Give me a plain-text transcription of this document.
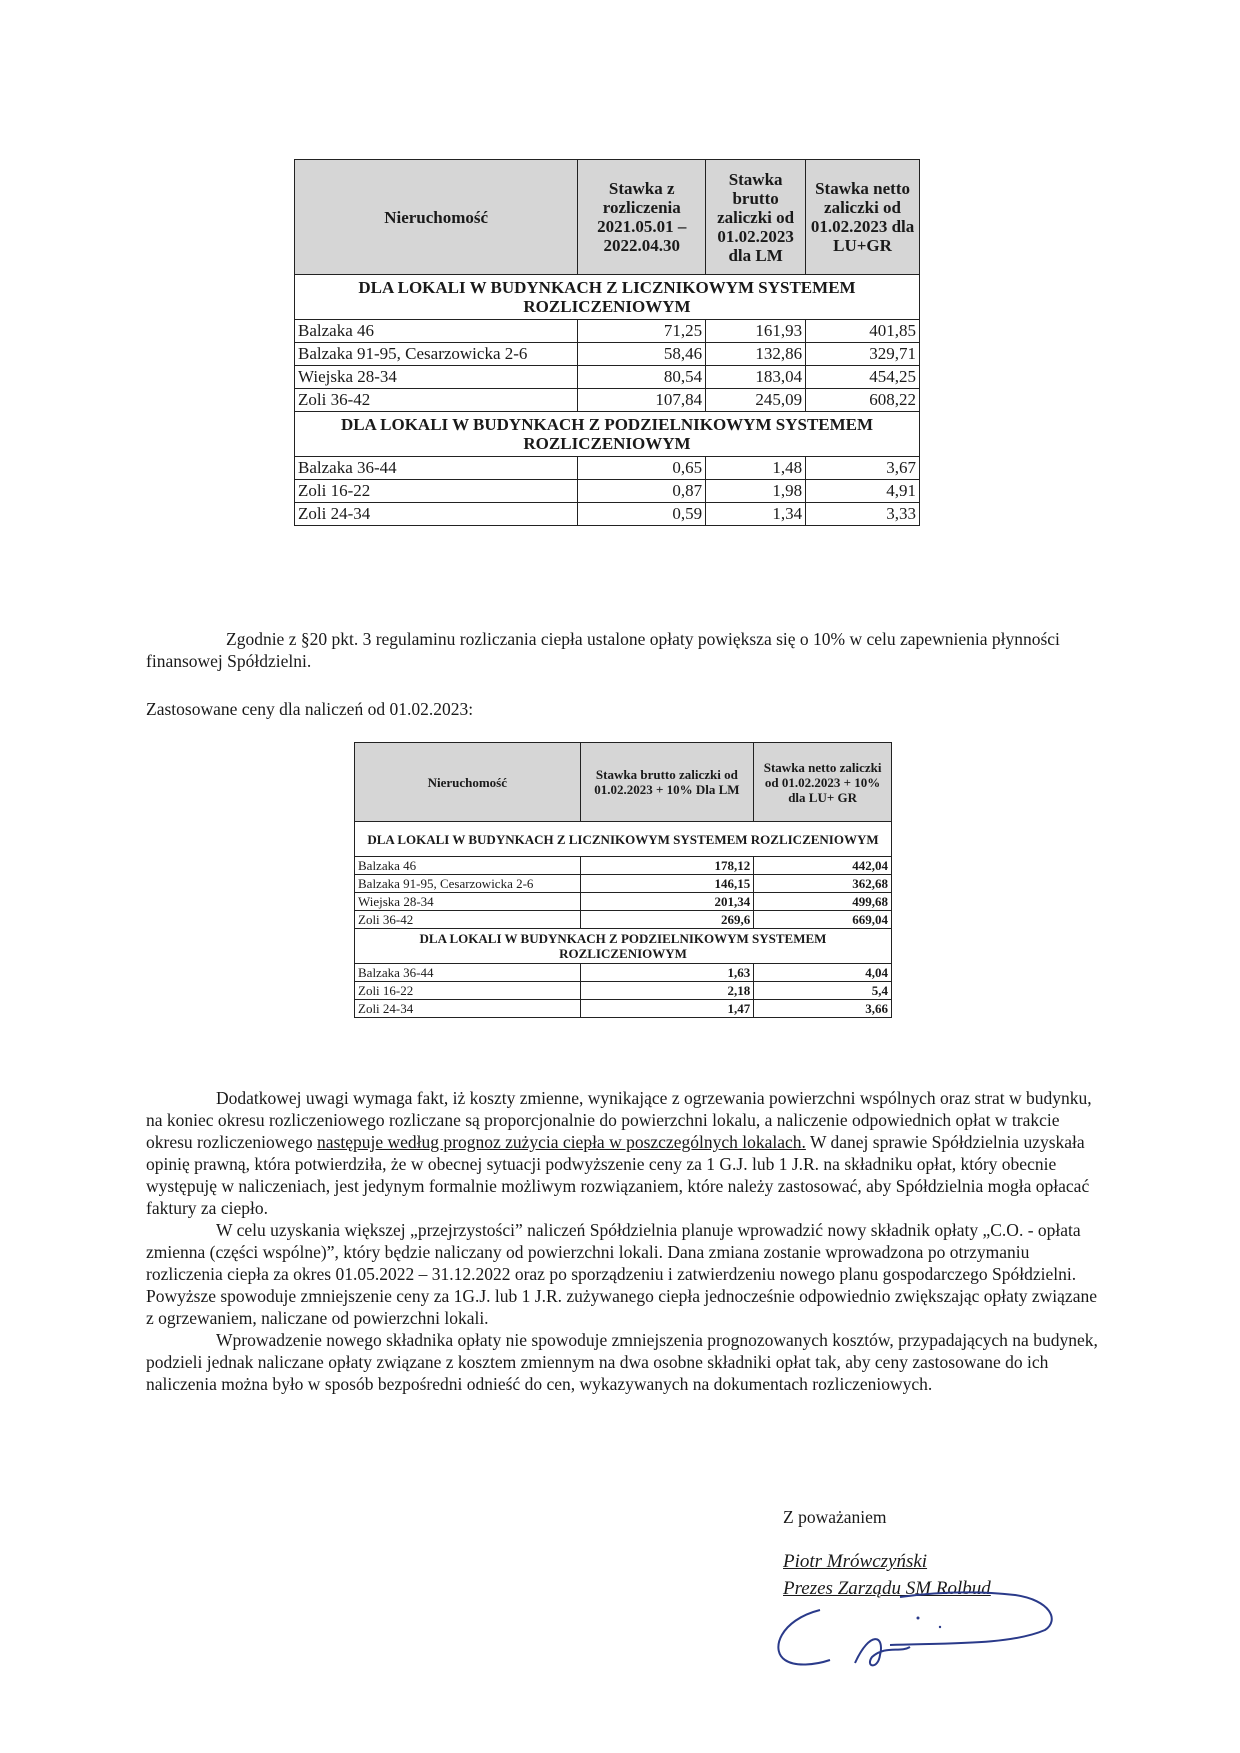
Nieruchomość	Stawka z rozliczenia 2021.05.01 – 2022.04.30	Stawka brutto zaliczki od 01.02.2023 dla LM	Stawka netto zaliczki od 01.02.2023 dla LU+GR
DLA LOKALI W BUDYNKACH Z LICZNIKOWYM SYSTEMEM ROZLICZENIOWYM			
Balzaka 46	71,25	161,93	401,85
Balzaka 91-95, Cesarzowicka 2-6	58,46	132,86	329,71
Wiejska 28-34	80,54	183,04	454,25
Zoli 36-42	107,84	245,09	608,22
DLA LOKALI W BUDYNKACH Z PODZIELNIKOWYM SYSTEMEM ROZLICZENIOWYM			
Balzaka 36-44	0,65	1,48	3,67
Zoli 16-22	0,87	1,98	4,91
Zoli 24-34	0,59	1,34	3,33

Zgodnie z §20 pkt. 3 regulaminu rozliczania ciepła ustalone opłaty powiększa się o 10% w celu zapewnienia płynności finansowej Spółdzielni.

Zastosowane ceny dla naliczeń od 01.02.2023:

Nieruchomość	Stawka brutto zaliczki od 01.02.2023 + 10% Dla LM	Stawka netto zaliczki od 01.02.2023 + 10% dla LU+ GR
DLA LOKALI W BUDYNKACH Z LICZNIKOWYM SYSTEMEM ROZLICZENIOWYM		
Balzaka 46	178,12	442,04
Balzaka 91-95, Cesarzowicka 2-6	146,15	362,68
Wiejska 28-34	201,34	499,68
Zoli 36-42	269,6	669,04
DLA LOKALI W BUDYNKACH Z PODZIELNIKOWYM SYSTEMEM ROZLICZENIOWYM		
Balzaka 36-44	1,63	4,04
Zoli 16-22	2,18	5,4
Zoli 24-34	1,47	3,66

Dodatkowej uwagi wymaga fakt, iż koszty zmienne, wynikające z ogrzewania powierzchni wspólnych oraz strat w budynku, na koniec okresu rozliczeniowego rozliczane są proporcjonalnie do powierzchni lokalu, a naliczenie odpowiednich opłat w trakcie okresu rozliczeniowego następuje według prognoz zużycia ciepła w poszczególnych lokalach. W danej sprawie Spółdzielnia uzyskała opinię prawną, która potwierdziła, że w obecnej sytuacji podwyższenie ceny za 1 G.J. lub 1 J.R. na składniku opłat, który obecnie występuję w naliczeniach, jest jedynym formalnie możliwym rozwiązaniem, które należy zastosować, aby Spółdzielnia mogła opłacać faktury za ciepło.

W celu uzyskania większej „przejrzystości” naliczeń Spółdzielnia planuje wprowadzić nowy składnik opłaty „C.O. - opłata zmienna (części wspólne)”, który będzie naliczany od powierzchni lokali. Dana zmiana zostanie wprowadzona po otrzymaniu rozliczenia ciepła za okres 01.05.2022 – 31.12.2022 oraz po sporządzeniu i zatwierdzeniu nowego planu gospodarczego Spółdzielni. Powyższe spowoduje zmniejszenie ceny za 1G.J. lub 1 J.R. zużywanego ciepła jednocześnie odpowiednio zwiększając opłaty związane z ogrzewaniem, naliczane od powierzchni lokali.

Wprowadzenie nowego składnika opłaty nie spowoduje zmniejszenia prognozowanych kosztów, przypadających na budynek, podzieli jednak naliczane opłaty związane z kosztem zmiennym na dwa osobne składniki opłat tak, aby ceny zastosowane do ich naliczenia można było w sposób bezpośredni odnieść do cen, wykazywanych na dokumentach rozliczeniowych.

Z poważaniem
Piotr Mrówczyński
Prezes Zarządu SM Rolbud
